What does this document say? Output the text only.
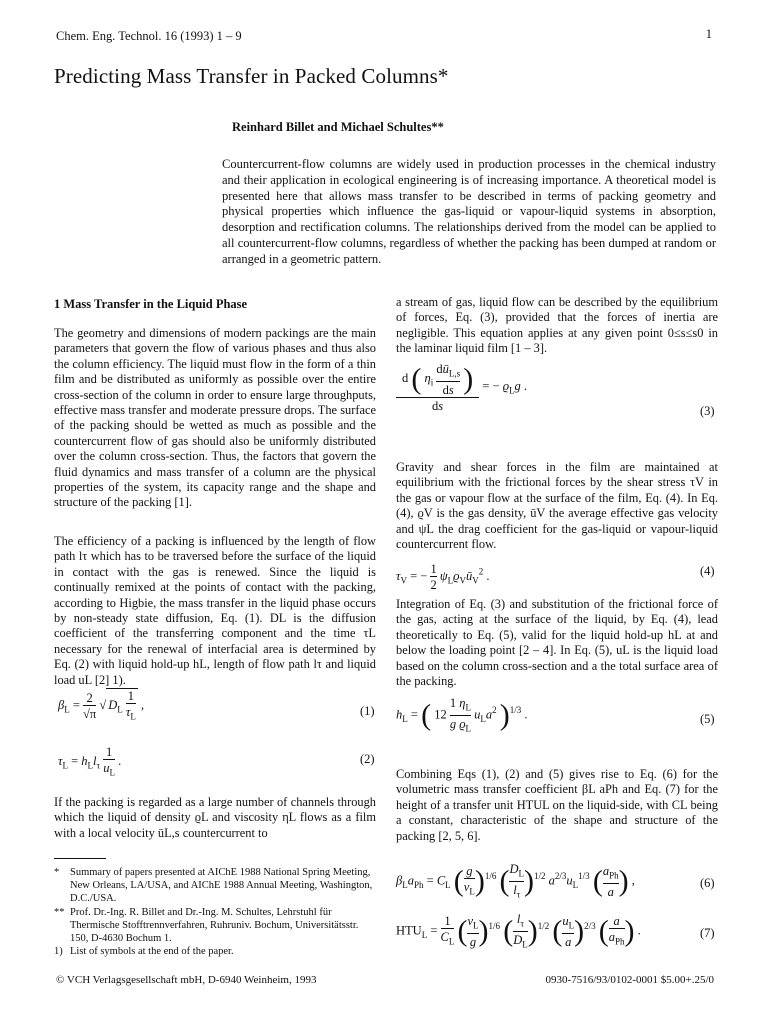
Chem. Eng. Technol. 16 (1993) 1 – 9	1
Predicting Mass Transfer in Packed Columns*
Reinhard Billet and Michael Schultes**
Countercurrent-flow columns are widely used in production processes in the chemical industry and their application in ecological engineering is of increasing importance. A theoretical model is presented here that allows mass transfer to be described in terms of packing geometry and physical properties which influence the gas-liquid or vapour-liquid systems in absorption, desorption and rectification columns. The relationships derived from the model can be applied to all countercurrent-flow columns, regardless of whether the packing has been dumped at random or arranged in a geometric pattern.
1 Mass Transfer in the Liquid Phase

The geometry and dimensions of modern packings are the main parameters that govern the flow of various phases and thus also the column efficiency. The liquid must flow in the form of a thin film and be distributed as uniformly as possible over the entire cross-section of the column in order to ensure large throughputs, effective mass transfer and moderate pressure drops. The surface of the packing should be wetted as much as possible and the countercurrent flow of gas should also be uniformly distributed over the column cross-section. Thus, the factors that govern the fluid dynamics and mass transfer of a column are the physical properties of the system, its capacity range and the shape and structure of the packing [1].

The efficiency of a packing is influenced by the length of flow path lτ which has to be traversed before the surface of the liquid in contact with the gas is renewed. Since the liquid is continually remixed at the points of contact with the packing, according to Higbie, the mass transfer in the liquid phase occurs by non-steady state diffusion, Eq. (1). DL is the diffusion coefficient of the transferring component and the time τL necessary for the renewal of interfacial area is determined by Eq. (2) with liquid hold-up hL, length of flow path lτ and liquid load uL [2] 1).

$\beta_L = \frac{2}{√\pi}$ √ $D_L \frac{1}{\tau_L}$ ,	(1)
$\tau_L = h_Ll_\tau \frac{1}{u_L}$ .	(2)

If the packing is regarded as a large number of channels through which the liquid of density ϱL and viscosity ηL flows as a film with a local velocity ūL,s countercurrent to

a stream of gas, liquid flow can be described by the equilibrium of forces, Eq. (3), provided that the forces of inertia are negligible. This equation applies at any given point 0≤s≤s0 in the laminar liquid film [1 – 3].

$\frac{d ( \eta_i \frac{dū_{L,s}}{ds} )}{ds}$ = − $ϱ_Lg$ .
(3)

Gravity and shear forces in the film are maintained at equilibrium with the frictional forces by the shear stress τV in the gas or vapour flow at the surface of the film, Eq. (4). In Eq. (4), ϱV is the gas density, ūV the average effective gas velocity and ψL the drag coefficient for the gas-liquid or vapour-liquid countercurrent flow.

$\tau_V$ = − $\frac{1}{2}$ $\psi_Lϱ_Vū_V^2$ .	(4)

Integration of Eq. (3) and substitution of the frictional force of the gas, acting at the surface of the liquid, by Eq. (4), lead theoretically to Eq. (5), valid for the liquid hold-up hL at and below the loading point [2 – 4]. In Eq. (5), uL is the liquid load based on the column cross-section and a the total surface area of the packing.

$h_L$ = ( $12 \frac{1 \eta_L}{g ϱ_L} u_La^2$ )$^{1/3}$ .	(5)

Combining Eqs (1), (2) and (5) gives rise to Eq. (6) for the volumetric mass transfer coefficient βL aPh and Eq. (7) for the height of a transfer unit HTUL on the liquid-side, with CL being a constant, characteristic of the shape and structure of the packing [2, 5, 6].

$\beta_La_{Ph} = C_L$ ( $\frac{g}{\nu_L} )^{1/6}$ ( $\frac{D_L}{l_\tau} )^{1/2}$ $a^{2/3}u_L^{1/3}$ ( $\frac{a_{Ph}}{a}$ ) ,	(6)
$HTU_L = \frac{1}{C_L}$ ( $\frac{\nu_L}{g} )^{1/6}$ ( $\frac{l_\tau}{D_L} )^{1/2}$ ( $\frac{u_L}{a} )^{2/3}$ ( $\frac{a}{a_{Ph}}$ ) .	(7)
*	Summary of papers presented at AIChE 1988 National Spring Meeting, New Orleans, LA/USA, and AIChE 1988 Annual Meeting, Washington, D.C./USA.
** Prof. Dr.-Ing. R. Billet and Dr.-Ing. M. Schultes, Lehrstuhl für Thermische Stofftrennverfahren, Ruhruniv. Bochum, Universitätsstr. 150, D-4630 Bochum 1.
1) List of symbols at the end of the paper.
© VCH Verlagsgesellschaft mbH, D-6940 Weinheim, 1993	0930-7516/93/0102-0001 $5.00+.25/0
